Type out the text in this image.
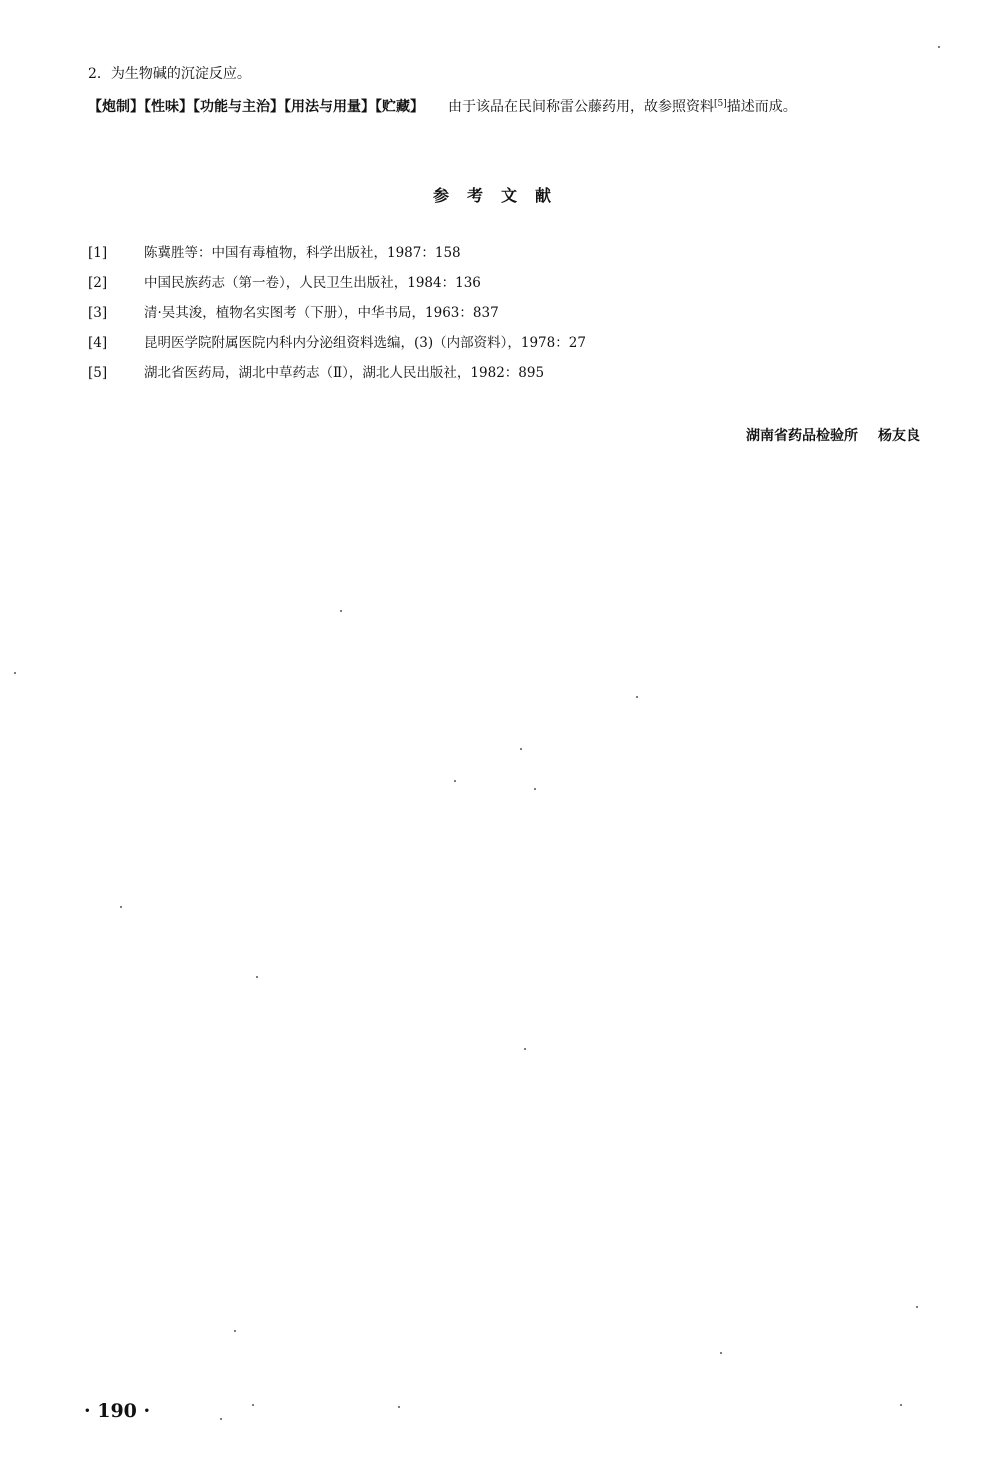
2．为生物碱的沉淀反应。
【炮制】【性味】【功能与主治】【用法与用量】【贮藏】 由于该品在民间称雷公藤药用，故参照资料[5]描述而成。
参考文献
[1]	陈冀胜等：中国有毒植物，科学出版社，1987：158
[2]	中国民族药志（第一卷），人民卫生出版社，1984：136
[3]	清·吴其浚，植物名实图考（下册），中华书局，1963：837
[4]	昆明医学院附属医院内科内分泌组资料选编，(3)（内部资料），1978：27
[5]	湖北省医药局，湖北中草药志（Ⅱ），湖北人民出版社，1982：895
湖南省药品检验所 杨友良
· 190 ·
